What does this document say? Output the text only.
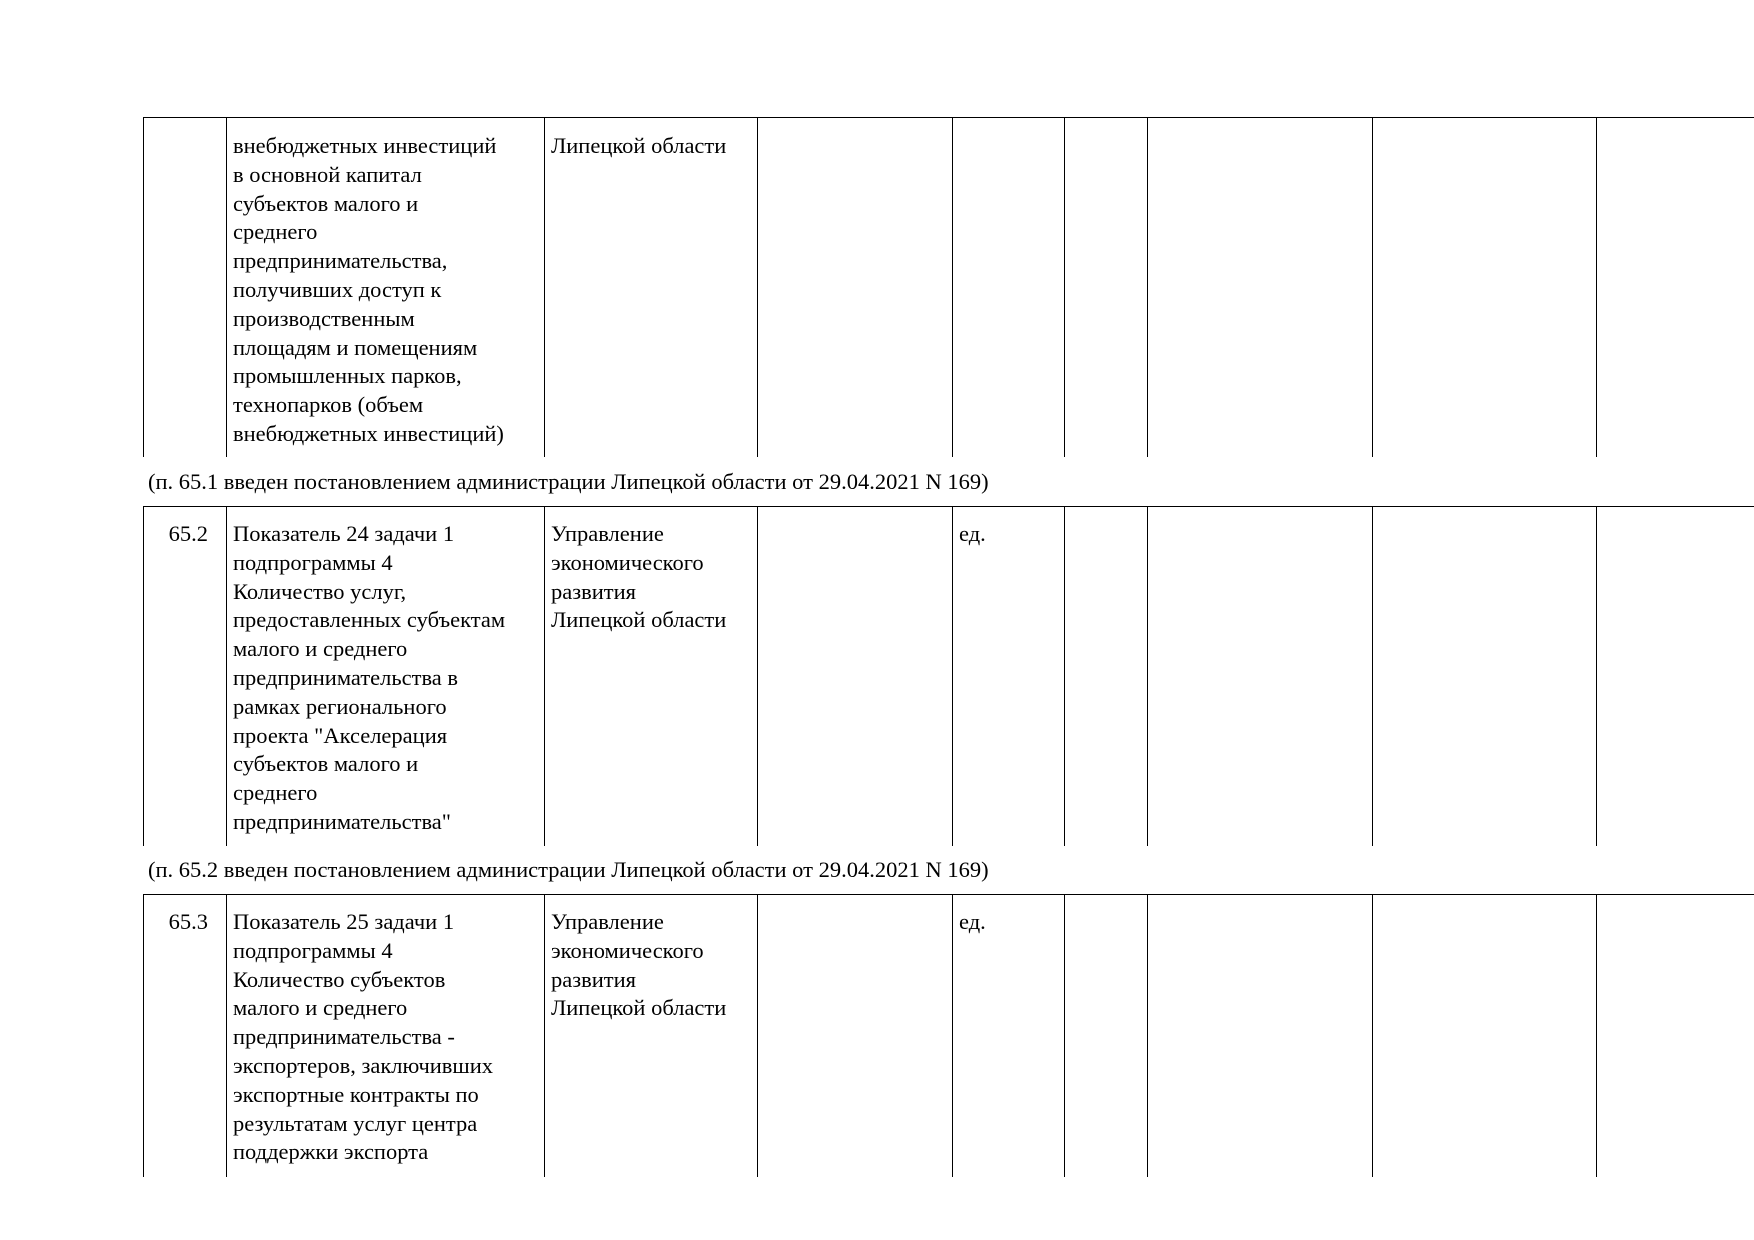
внебюджетных инвестиций
в основной капитал
субъектов малого и
среднего
предпринимательства,
получивших доступ к
производственным
площадям и помещениям
промышленных парков,
технопарков (объем
внебюджетных инвестиций)
Липецкой области
(п. 65.1 введен постановлением администрации Липецкой области от 29.04.2021 N 169)
65.2 Показатель 24 задачи 1
подпрограммы 4
Количество услуг,
предоставленных субъектам
малого и среднего
предпринимательства в
рамках регионального
проекта "Акселерация
субъектов малого и
среднего
предпринимательства"
Управление
экономического
развития
Липецкой области
ед.
(п. 65.2 введен постановлением администрации Липецкой области от 29.04.2021 N 169)
65.3 Показатель 25 задачи 1
подпрограммы 4
Количество субъектов
малого и среднего
предпринимательства -
экспортеров, заключивших
экспортные контракты по
результатам услуг центра
поддержки экспорта
Управление
экономического
развития
Липецкой области
ед.
